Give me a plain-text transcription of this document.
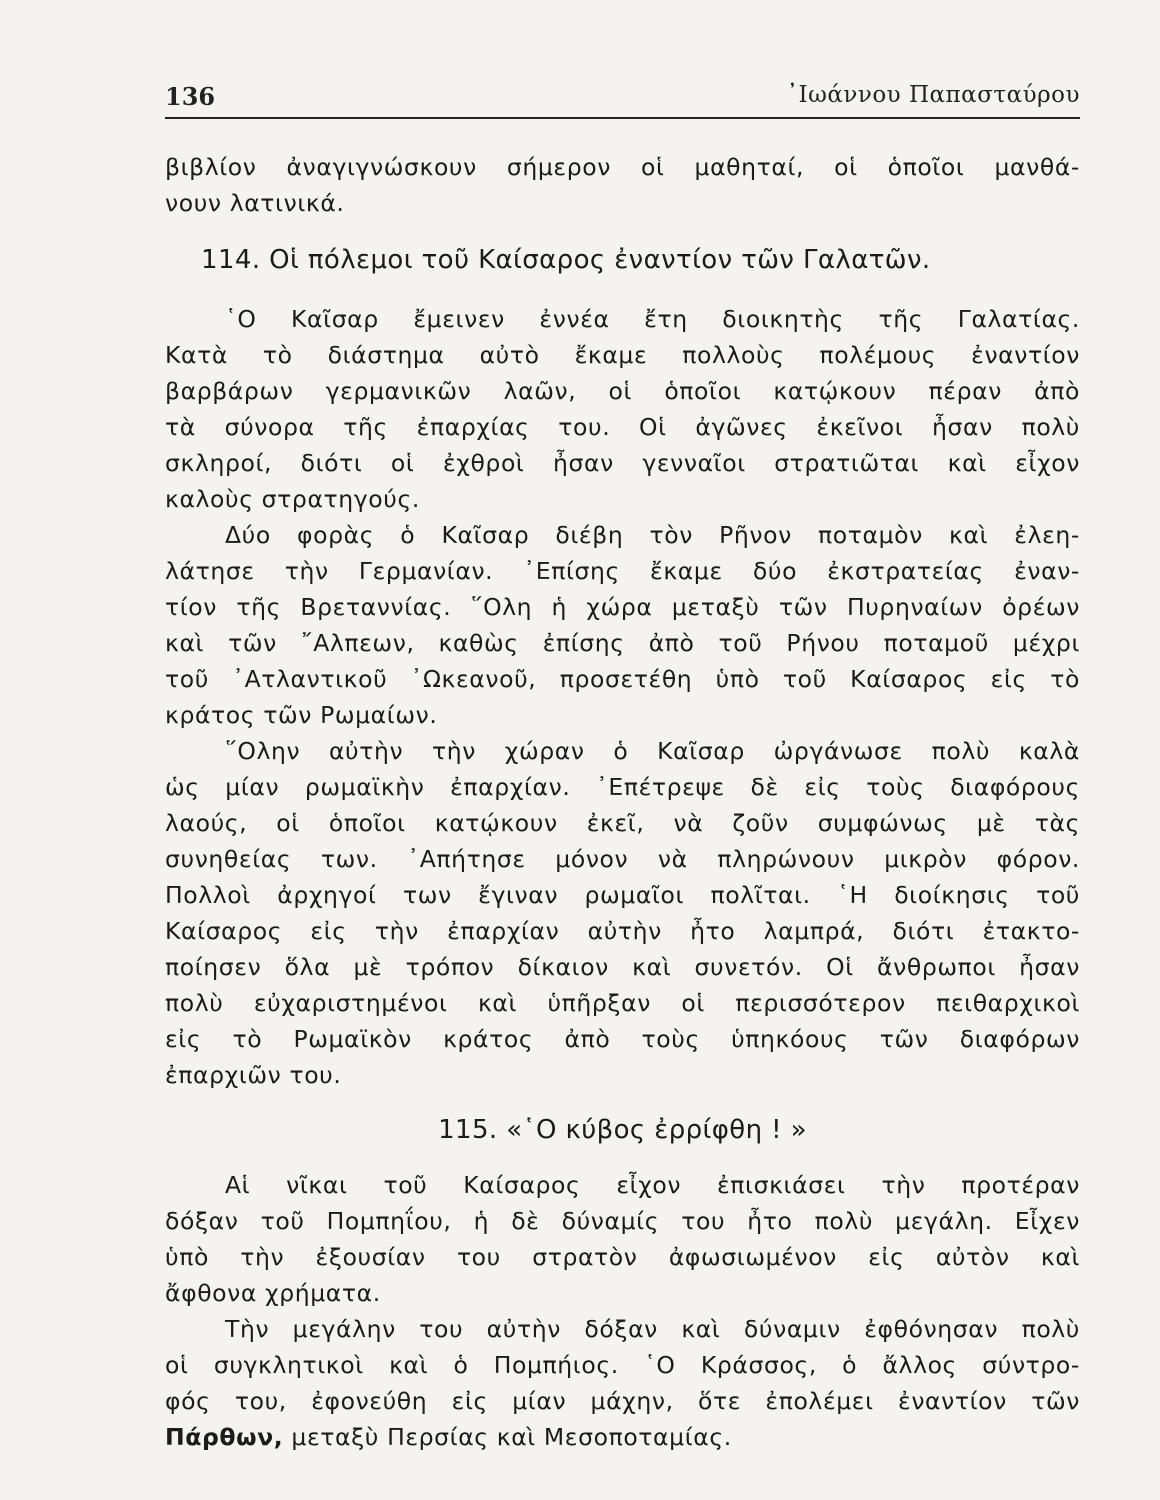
136	᾿Ιωάννου Παπασταύρου
βιβλίον ἀναγιγνώσκουν σήμερον οἱ μαθηταί, οἱ ὁποῖοι μανθά-
νουν λατινικά.
114. Οἱ πόλεμοι τοῦ Καίσαρος ἐναντίον τῶν Γαλατῶν.
῾Ο Καῖσαρ ἔμεινεν ἐννέα ἔτη διοικητὴς τῆς Γαλατίας.
Κατὰ τὸ διάστημα αὐτὸ ἔκαμε πολλοὺς πολέμους ἐναντίον
βαρβάρων γερμανικῶν λαῶν, οἱ ὁποῖοι κατῴκουν πέραν ἀπὸ
τὰ σύνορα τῆς ἐπαρχίας του. Οἱ ἀγῶνες ἐκεῖνοι ἦσαν πολὺ
σκληροί, διότι οἱ ἐχθροὶ ἦσαν γενναῖοι στρατιῶται καὶ εἶχον
καλοὺς στρατηγούς.
Δύο φορὰς ὁ Καῖσαρ διέβη τὸν Ρῆνον ποταμὸν καὶ ἐλεη-
λάτησε τὴν Γερμανίαν. ᾿Επίσης ἔκαμε δύο ἐκστρατείας ἐναν-
τίον τῆς Βρεταννίας. ῞Ολη ἡ χώρα μεταξὺ τῶν Πυρηναίων ὀρέων
καὶ τῶν ῎Αλπεων, καθὼς ἐπίσης ἀπὸ τοῦ Ρήνου ποταμοῦ μέχρι
τοῦ ᾿Ατλαντικοῦ ᾿Ωκεανοῦ, προσετέθη ὑπὸ τοῦ Καίσαρος εἰς τὸ
κράτος τῶν Ρωμαίων.
῞Ολην αὐτὴν τὴν χώραν ὁ Καῖσαρ ὠργάνωσε πολὺ καλὰ
ὡς μίαν ρωμαϊκὴν ἐπαρχίαν. ᾿Επέτρεψε δὲ εἰς τοὺς διαφόρους
λαούς, οἱ ὁποῖοι κατῴκουν ἐκεῖ, νὰ ζοῦν συμφώνως μὲ τὰς
συνηθείας των. ᾿Απήτησε μόνον νὰ πληρώνουν μικρὸν φόρον.
Πολλοὶ ἀρχηγοί των ἔγιναν ρωμαῖοι πολῖται. ῾Η διοίκησις τοῦ
Καίσαρος εἰς τὴν ἐπαρχίαν αὐτὴν ἦτο λαμπρά, διότι ἐτακτο-
ποίησεν ὅλα μὲ τρόπον δίκαιον καὶ συνετόν. Οἱ ἄνθρωποι ἦσαν
πολὺ εὐχαριστημένοι καὶ ὑπῆρξαν οἱ περισσότερον πειθαρχικοὶ
εἰς τὸ Ρωμαϊκὸν κράτος ἀπὸ τοὺς ὑπηκόους τῶν διαφόρων
ἐπαρχιῶν του.
115. «῾Ο κύβος ἐρρίφθη ! »
Αἱ νῖκαι τοῦ Καίσαρος εἶχον ἐπισκιάσει τὴν προτέραν
δόξαν τοῦ Πομπηΐου, ἡ δὲ δύναμίς του ἦτο πολὺ μεγάλη. Εἶχεν
ὑπὸ τὴν ἐξουσίαν του στρατὸν ἀφωσιωμένον εἰς αὐτὸν καὶ
ἄφθονα χρήματα.
Τὴν μεγάλην του αὐτὴν δόξαν καὶ δύναμιν ἐφθόνησαν πολὺ
οἱ συγκλητικοὶ καὶ ὁ Πομπήιος. ῾Ο Κράσσος, ὁ ἄλλος σύντρο-
φός του, ἐφονεύθη εἰς μίαν μάχην, ὅτε ἐπολέμει ἐναντίον τῶν
Πάρθων, μεταξὺ Περσίας καὶ Μεσοποταμίας.
